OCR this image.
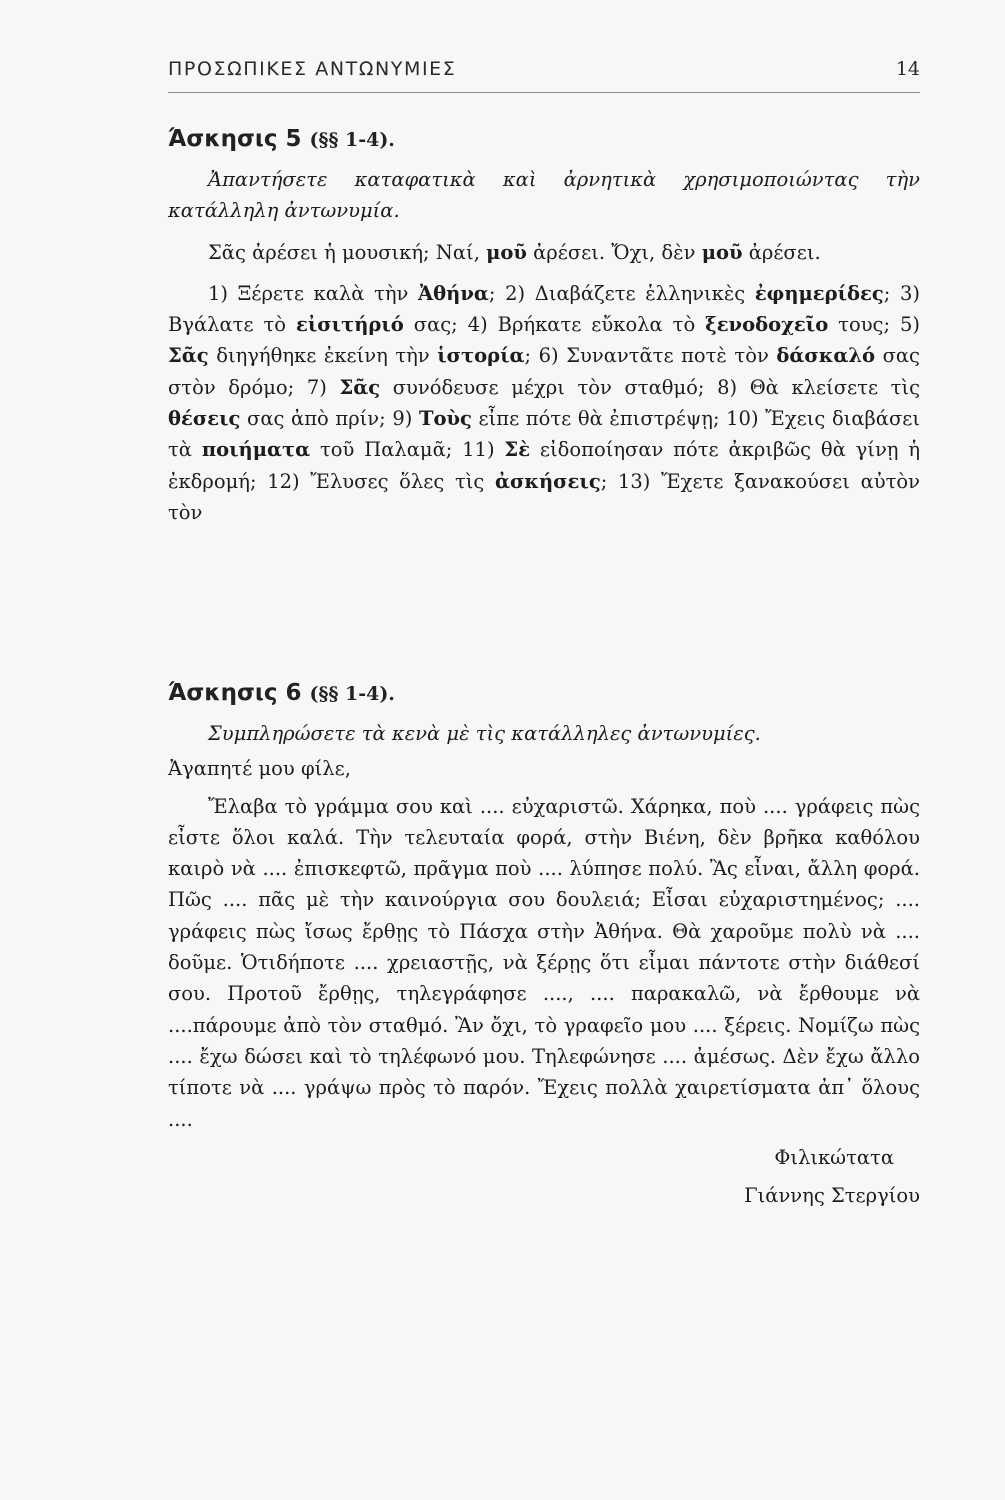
ΠΡΟΣΩΠΙΚΕΣ ΑΝΤΩΝΥΜΙΕΣ	14
Άσκησις 5 (§§ 1-4).

Ἀπαντήσετε καταφατικὰ καὶ ἀρνητικὰ χρησιμοποιώντας τὴν κατάλληλη ἀντωνυμία.

Σᾶς ἀρέσει ἡ μουσική; Ναί, μοῦ ἀρέσει. Ὄχι, δὲν μοῦ ἀρέσει.

1) Ξέρετε καλὰ τὴν Ἀθήνα; 2) Διαβάζετε ἑλληνικὲς ἐφημερίδες; 3) Βγάλατε τὸ εἰσιτήριό σας; 4) Βρήκατε εὔκολα τὸ ξενοδοχεῖο τους; 5) Σᾶς διηγήθηκε ἐκείνη τὴν ἱστορία; 6) Συναντᾶτε ποτὲ τὸν δάσκαλό σας στὸν δρόμο; 7) Σᾶς συνόδευσε μέχρι τὸν σταθμό; 8) Θὰ κλείσετε τὶς θέσεις σας ἀπὸ πρίν; 9) Τοὺς εἶπε πότε θὰ ἐπιστρέψῃ; 10) Ἔχεις διαβάσει τὰ ποιήματα τοῦ Παλαμᾶ; 11) Σὲ εἰδοποίησαν πότε ἀκριβῶς θὰ γίνῃ ἡ ἐκδρομή; 12) Ἔλυσες ὅλες τὶς ἀσκήσεις; 13) Ἔχετε ξανακούσει αὐτὸν τὸν

Άσκησις 6 (§§ 1-4).

Συμπληρώσετε τὰ κενὰ μὲ τὶς κατάλληλες ἀντωνυμίες.

Ἀγαπητέ μου φίλε,

Ἔλαβα τὸ γράμμα σου καὶ .... εὐχαριστῶ. Χάρηκα, ποὺ .... γράφεις πὼς εἶστε ὅλοι καλά. Τὴν τελευταία φορά, στὴν Βιένη, δὲν βρῆκα καθόλου καιρὸ νὰ .... ἐπισκεφτῶ, πρᾶγμα ποὺ .... λύπησε πολύ. Ἂς εἶναι, ἄλλη φορά. Πῶς .... πᾶς μὲ τὴν καινούργια σου δουλειά; Εἶσαι εὐχαριστημένος; .... γράφεις πὼς ἴσως ἔρθῃς τὸ Πάσχα στὴν Ἀθήνα. Θὰ χαροῦμε πολὺ νὰ .... δοῦμε. Ὁτιδήποτε .... χρειαστῇς, νὰ ξέρῃς ὅτι εἶμαι πάντοτε στὴν διάθεσί σου. Προτοῦ ἔρθῃς, τηλεγράφησε ...., .... παρακαλῶ, νὰ ἔρθουμε νὰ ....πάρουμε ἀπὸ τὸν σταθμό. Ἂν ὄχι, τὸ γραφεῖο μου .... ξέρεις. Νομίζω πὼς .... ἔχω δώσει καὶ τὸ τηλέφωνό μου. Τηλεφώνησε .... ἀμέσως. Δὲν ἔχω ἄλλο τίποτε νὰ .... γράψω πρὸς τὸ παρόν. Ἔχεις πολλὰ χαιρετίσματα ἀπ᾽ ὅλους ....

Φιλικώτατα
Γιάννης Στεργίου
